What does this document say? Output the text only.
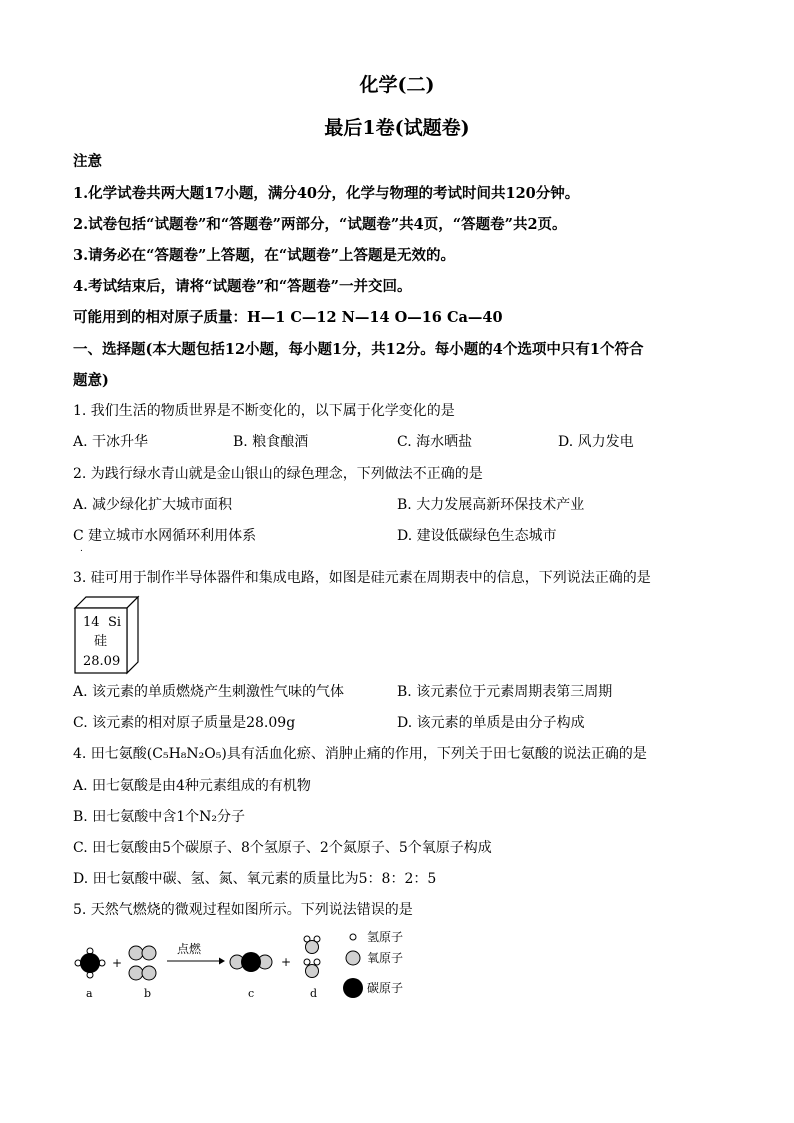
化学(二)
最后1卷(试题卷)
注意
1.化学试卷共两大题17小题，满分40分，化学与物理的考试时间共120分钟。
2.试卷包括“试题卷”和“答题卷”两部分，“试题卷”共4页，“答题卷”共2页。
3.请务必在“答题卷”上答题，在“试题卷”上答题是无效的。
4.考试结束后，请将“试题卷”和“答题卷”一并交回。
可能用到的相对原子质量：H—1 C—12 N—14 O—16 Ca—40
一、选择题(本大题包括12小题，每小题1分，共12分。每小题的4个选项中只有1个符合
题意)
1. 我们生活的物质世界是不断变化的，以下属于化学变化的是
A. 干冰升华	B. 粮食酿酒	C. 海水晒盐	D. 风力发电
2. 为践行绿水青山就是金山银山的绿色理念，下列做法不正确的是
A. 减少绿化扩大城市面积	B. 大力发展高新环保技术产业
C 建立城市水网循环利用体系	D. 建设低碳绿色生态城市
.
3. 硅可用于制作半导体器件和集成电路，如图是硅元素在周期表中的信息，下列说法正确的是
14 Si
硅
28.09
A. 该元素的单质燃烧产生刺激性气味的气体	B. 该元素位于元素周期表第三周期
C. 该元素的相对原子质量是28.09g	D. 该元素的单质是由分子构成
4. 田七氨酸(C₅H₈N₂O₅)具有活血化瘀、消肿止痛的作用，下列关于田七氨酸的说法正确的是
A. 田七氨酸是由4种元素组成的有机物
B. 田七氨酸中含1个N₂分子
C. 田七氨酸由5个碳原子、8个氢原子、2个氮原子、5个氧原子构成
D. 田七氨酸中碳、氢、氮、氧元素的质量比为5：8：2：5
5. 天然气燃烧的微观过程如图所示。下列说法错误的是
+
点燃
+
a	b	c	d
氢原子
氧原子
碳原子
